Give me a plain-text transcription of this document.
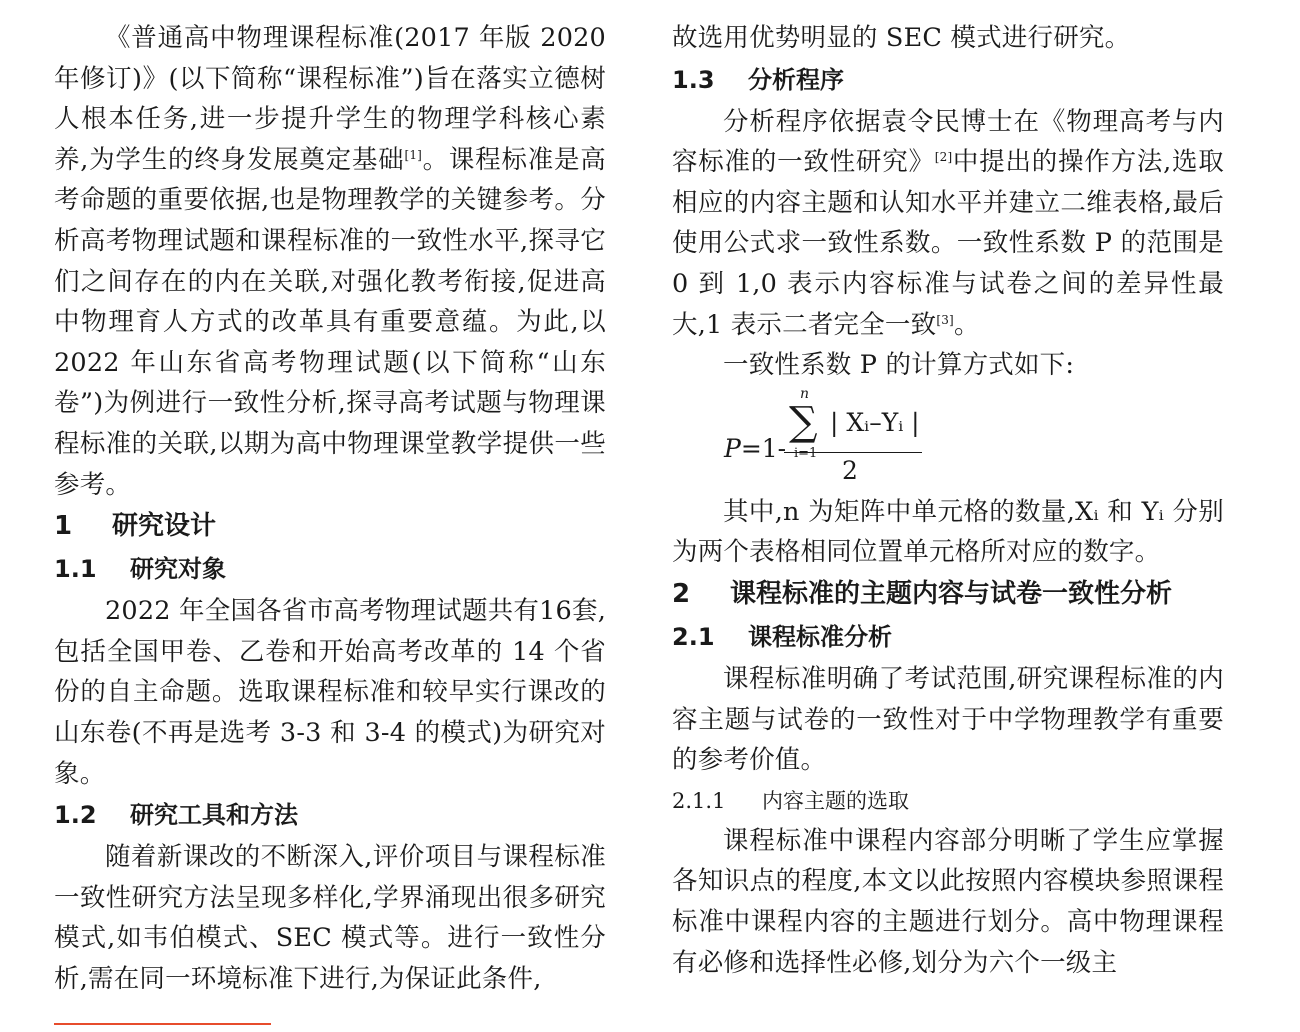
《普通高中物理课程标准(2017 年版 2020年修订)》(以下简称“课程标准”)旨在落实立德树人根本任务,进一步提升学生的物理学科核心素养,为学生的终身发展奠定基础[1]。课程标准是高考命题的重要依据,也是物理教学的关键参考。分析高考物理试题和课程标准的一致性水平,探寻它们之间存在的内在关联,对强化教考衔接,促进高中物理育人方式的改革具有重要意蕴。为此,以 2022 年山东省高考物理试题(以下简称“山东卷”)为例进行一致性分析,探寻高考试题与物理课程标准的关联,以期为高中物理课堂教学提供一些参考。

1 研究设计
1.1 研究对象

2022 年全国各省市高考物理试题共有16套,包括全国甲卷、乙卷和开始高考改革的 14 个省份的自主命题。选取课程标准和较早实行课改的山东卷(不再是选考 3-3 和 3-4 的模式)为研究对象。

1.2 研究工具和方法

随着新课改的不断深入,评价项目与课程标准一致性研究方法呈现多样化,学界涌现出很多研究模式,如韦伯模式、SEC 模式等。进行一致性分析,需在同一环境标准下进行,为保证此条件,

故选用优势明显的 SEC 模式进行研究。

1.3 分析程序

分析程序依据袁令民博士在《物理高考与内容标准的一致性研究》[2]中提出的操作方法,选取相应的内容主题和认知水平并建立二维表格,最后使用公式求一致性系数。一致性系数 P 的范围是 0 到 1,0 表示内容标准与试卷之间的差异性最大,1 表示二者完全一致[3]。

一致性系数 P 的计算方式如下:

P=1-
n
∑
i=1
| Xᵢ–Yᵢ |
2

其中,n 为矩阵中单元格的数量,Xᵢ 和 Yᵢ 分别为两个表格相同位置单元格所对应的数字。

2 课程标准的主题内容与试卷一致性分析
2.1 课程标准分析

课程标准明确了考试范围,研究课程标准的内容主题与试卷的一致性对于中学物理教学有重要的参考价值。

2.1.1 内容主题的选取

课程标准中课程内容部分明晰了学生应掌握各知识点的程度,本文以此按照内容模块参照课程标准中课程内容的主题进行划分。高中物理课程有必修和选择性必修,划分为六个一级主
